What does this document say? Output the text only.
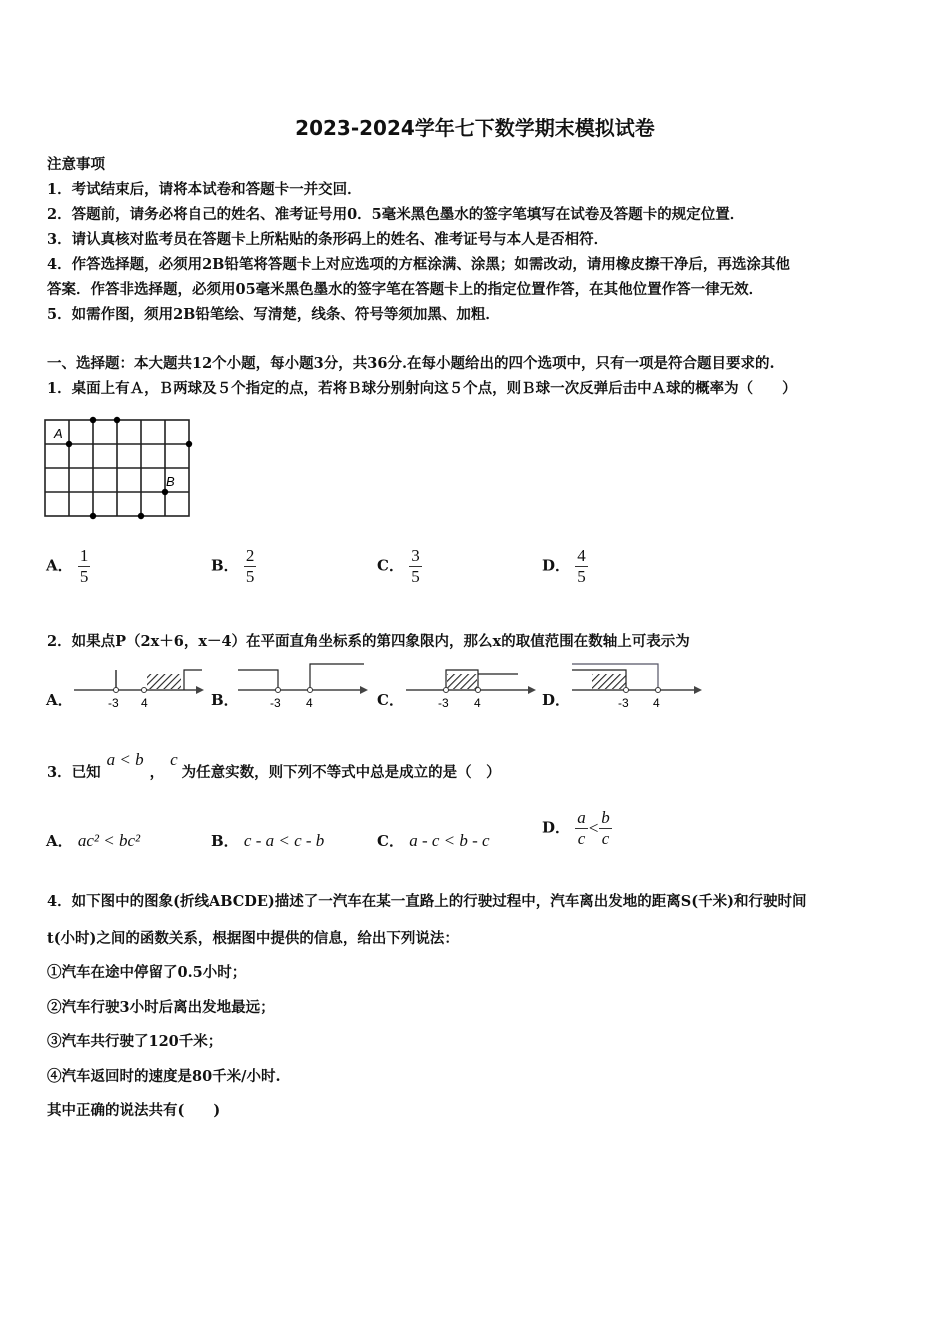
2023-2024学年七下数学期末模拟试卷
注意事项
1．考试结束后，请将本试卷和答题卡一并交回．
2．答题前，请务必将自己的姓名、准考证号用0．5毫米黑色墨水的签字笔填写在试卷及答题卡的规定位置．
3．请认真核对监考员在答题卡上所粘贴的条形码上的姓名、准考证号与本人是否相符．
4．作答选择题，必须用2B铅笔将答题卡上对应选项的方框涂满、涂黑；如需改动，请用橡皮擦干净后，再选涂其他
答案．作答非选择题，必须用05毫米黑色墨水的签字笔在答题卡上的指定位置作答，在其他位置作答一律无效．
5．如需作图，须用2B铅笔绘、写清楚，线条、符号等须加黑、加粗．
一、选择题：本大题共12个小题，每小题3分，共36分.在每小题给出的四个选项中，只有一项是符合题目要求的.
1．桌面上有Ａ，Ｂ两球及５个指定的点，若将Ｂ球分别射向这５个点，则Ｂ球一次反弹后击中Ａ球的概率为（　　）
A
B
A． $\frac{1}{5}$	B． $\frac{2}{5}$	C． $\frac{3}{5}$	D． $\frac{4}{5}$
2．如果点P（2x＋6，x－4）在平面直角坐标系的第四象限内，那么x的取值范围在数轴上可表示为
A．	-3 4	B．	-3 4	C．	-3 4	D．	-3 4
3．已知a < b，c为任意实数，则下列不等式中总是成立的是（　）
A． ac² < bc²	B． c - a < c - b	C． a - c < b - c
D． $\frac{a}{c} < \frac{b}{c}$
4．如下图中的图象(折线ABCDE)描述了一汽车在某一直路上的行驶过程中，汽车离出发地的距离S(千米)和行驶时间
t(小时)之间的函数关系，根据图中提供的信息，给出下列说法：
①汽车在途中停留了0.5小时；
②汽车行驶3小时后离出发地最远；
③汽车共行驶了120千米；
④汽车返回时的速度是80千米/小时.
其中正确的说法共有(　　)
